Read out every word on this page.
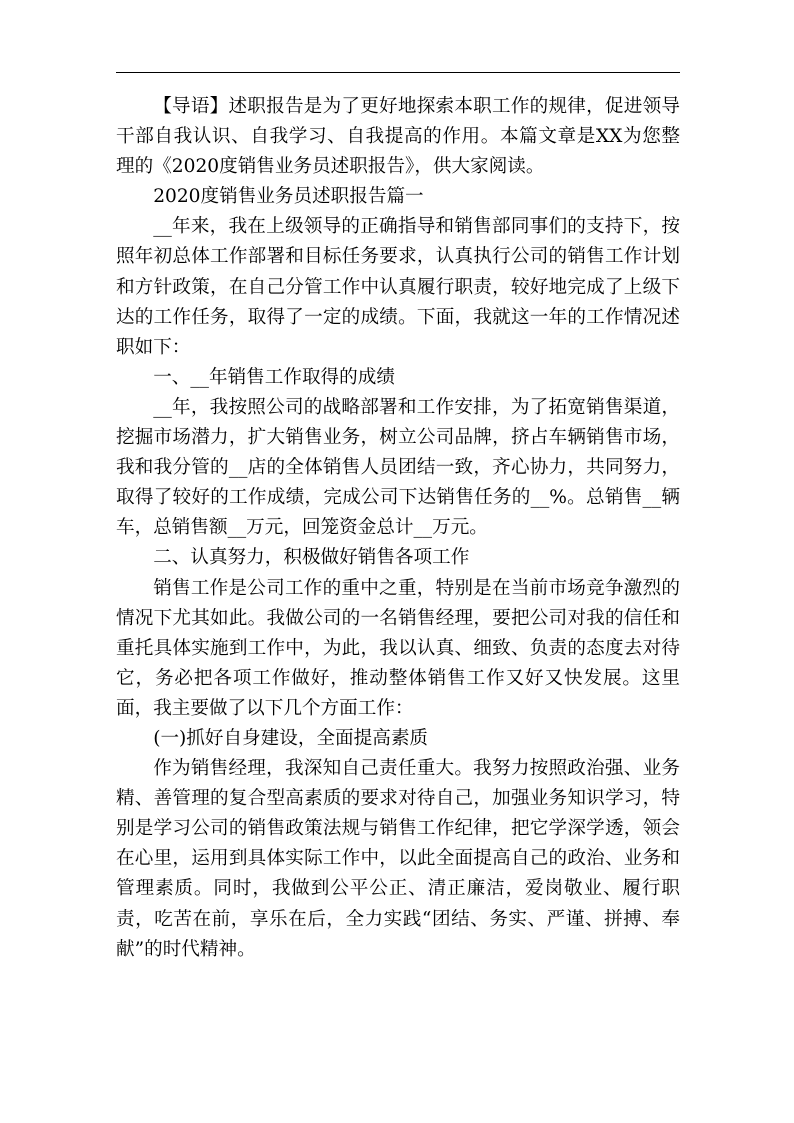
【导语】述职报告是为了更好地探索本职工作的规律，促进领导干部自我认识、自我学习、自我提高的作用。本篇文章是XX为您整理的《2020度销售业务员述职报告》，供大家阅读。

2020度销售业务员述职报告篇一

__年来，我在上级领导的正确指导和销售部同事们的支持下，按照年初总体工作部署和目标任务要求，认真执行公司的销售工作计划和方针政策，在自己分管工作中认真履行职责，较好地完成了上级下达的工作任务，取得了一定的成绩。下面，我就这一年的工作情况述职如下：

一、__年销售工作取得的成绩

__年，我按照公司的战略部署和工作安排，为了拓宽销售渠道，挖掘市场潜力，扩大销售业务，树立公司品牌，挤占车辆销售市场，我和我分管的__店的全体销售人员团结一致，齐心协力，共同努力，取得了较好的工作成绩，完成公司下达销售任务的__%。总销售__辆车，总销售额__万元，回笼资金总计__万元。

二、认真努力，积极做好销售各项工作

销售工作是公司工作的重中之重，特别是在当前市场竞争激烈的情况下尤其如此。我做公司的一名销售经理，要把公司对我的信任和重托具体实施到工作中，为此，我以认真、细致、负责的态度去对待它，务必把各项工作做好，推动整体销售工作又好又快发展。这里面，我主要做了以下几个方面工作：

(一)抓好自身建设，全面提高素质

作为销售经理，我深知自己责任重大。我努力按照政治强、业务精、善管理的复合型高素质的要求对待自己，加强业务知识学习，特别是学习公司的销售政策法规与销售工作纪律，把它学深学透，领会在心里，运用到具体实际工作中，以此全面提高自己的政治、业务和管理素质。同时，我做到公平公正、清正廉洁，爱岗敬业、履行职责，吃苦在前，享乐在后，全力实践“团结、务实、严谨、拼搏、奉献”的时代精神。
